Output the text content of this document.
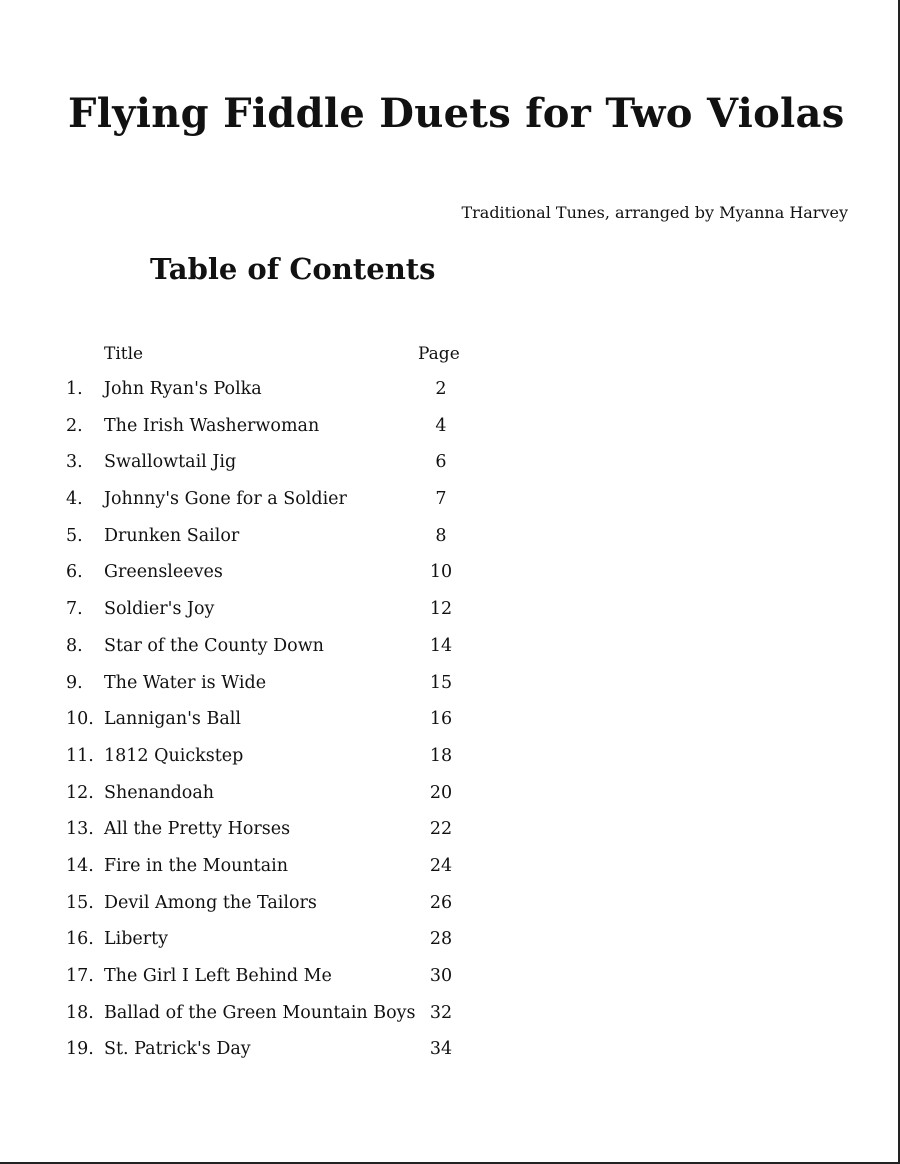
Flying Fiddle Duets for Two Violas
Traditional Tunes, arranged by Myanna Harvey
Table of Contents
Title	Page
1.	John Ryan's Polka	2
2.	The Irish Washerwoman	4
3.	Swallowtail Jig	6
4.	Johnny's Gone for a Soldier	7
5.	Drunken Sailor	8
6.	Greensleeves	10
7.	Soldier's Joy	12
8.	Star of the County Down	14
9.	The Water is Wide	15
10. Lannigan's Ball	16
11. 1812 Quickstep	18
12. Shenandoah	20
13. All the Pretty Horses	22
14. Fire in the Mountain	24
15. Devil Among the Tailors	26
16. Liberty	28
17. The Girl I Left Behind Me	30
18. Ballad of the Green Mountain Boys 32
19. St. Patrick's Day	34
